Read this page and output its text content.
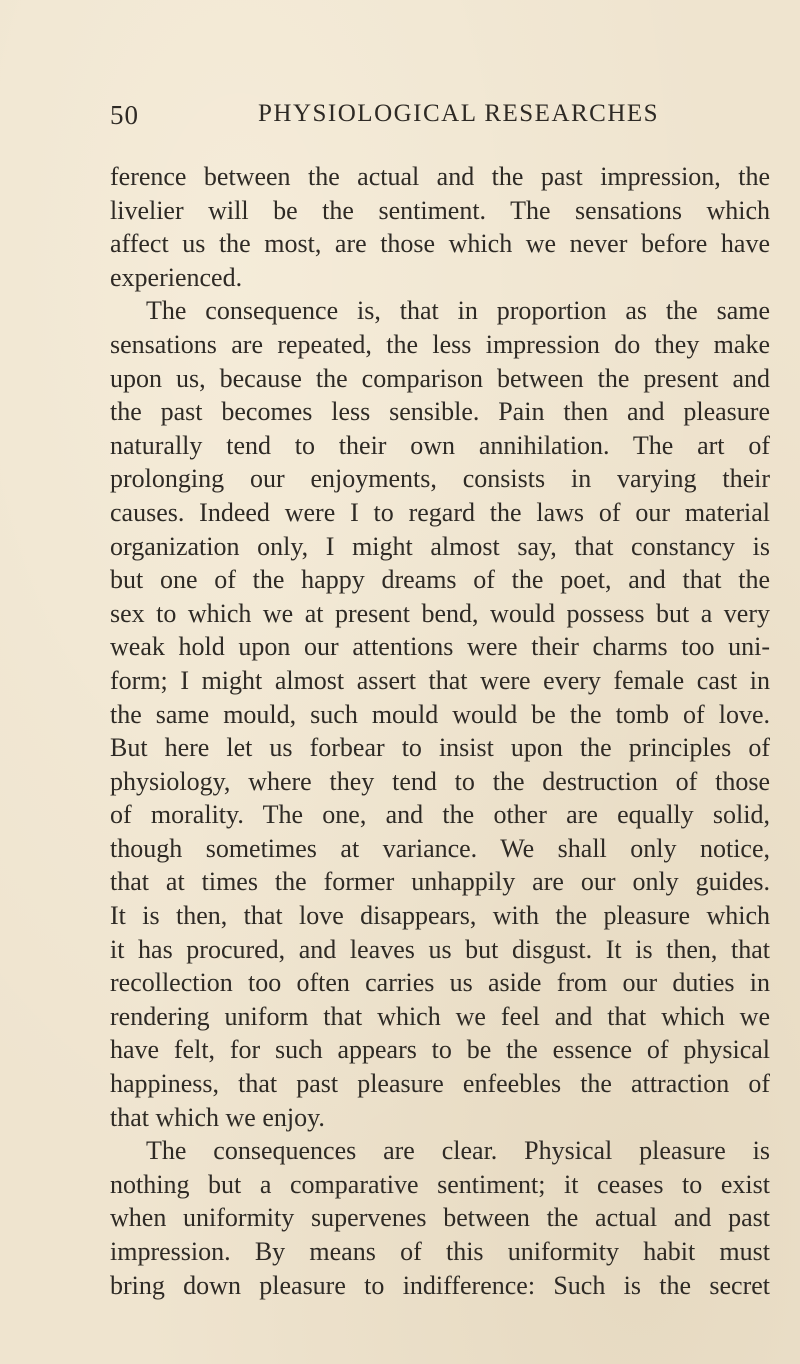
50	PHYSIOLOGICAL RESEARCHES
ference between the actual and the past impression, the
livelier will be the sentiment. The sensations which
affect us the most, are those which we never before have
experienced.
The consequence is, that in proportion as the same
sensations are repeated, the less impression do they make
upon us, because the comparison between the present and
the past becomes less sensible. Pain then and pleasure
naturally tend to their own annihilation. The art of
prolonging our enjoyments, consists in varying their
causes. Indeed were I to regard the laws of our material
organization only, I might almost say, that constancy is
but one of the happy dreams of the poet, and that the
sex to which we at present bend, would possess but a very
weak hold upon our attentions were their charms too uni-
form; I might almost assert that were every female cast in
the same mould, such mould would be the tomb of love.
But here let us forbear to insist upon the principles of
physiology, where they tend to the destruction of those
of morality. The one, and the other are equally solid,
though sometimes at variance. We shall only notice,
that at times the former unhappily are our only guides.
It is then, that love disappears, with the pleasure which
it has procured, and leaves us but disgust. It is then, that
recollection too often carries us aside from our duties in
rendering uniform that which we feel and that which we
have felt, for such appears to be the essence of physical
happiness, that past pleasure enfeebles the attraction of
that which we enjoy.
The consequences are clear. Physical pleasure is
nothing but a comparative sentiment; it ceases to exist
when uniformity supervenes between the actual and past
impression. By means of this uniformity habit must
bring down pleasure to indifference: Such is the secret
